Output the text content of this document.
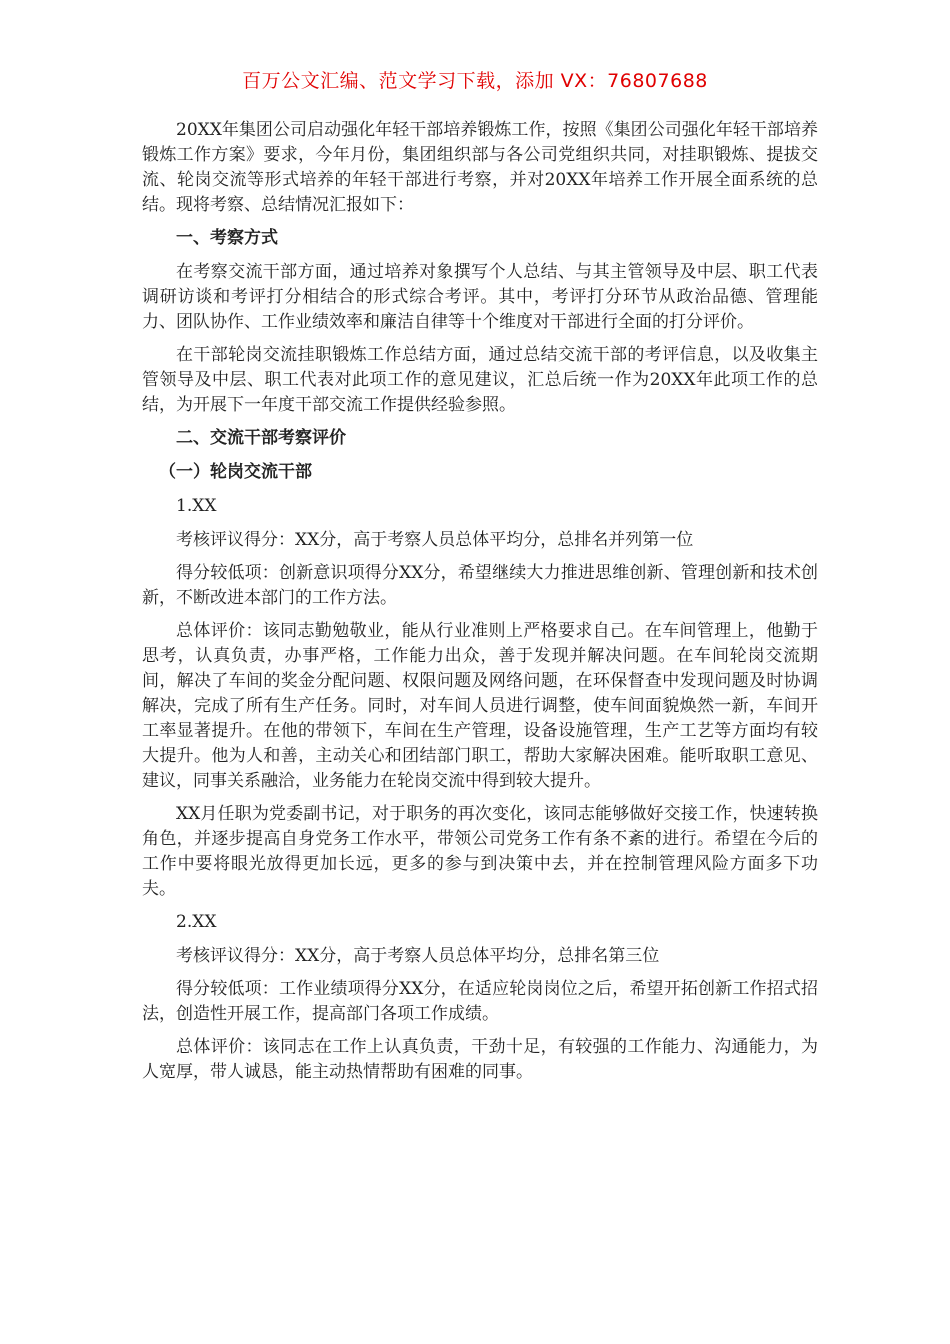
百万公文汇编、范文学习下载，添加 VX：76807688

20XX年集团公司启动强化年轻干部培养锻炼工作，按照《集团公司强化年轻干部培养锻炼工作方案》要求，今年月份，集团组织部与各公司党组织共同，对挂职锻炼、提拔交流、轮岗交流等形式培养的年轻干部进行考察，并对20XX年培养工作开展全面系统的总结。现将考察、总结情况汇报如下：

一、考察方式

在考察交流干部方面，通过培养对象撰写个人总结、与其主管领导及中层、职工代表调研访谈和考评打分相结合的形式综合考评。其中，考评打分环节从政治品德、管理能力、团队协作、工作业绩效率和廉洁自律等十个维度对干部进行全面的打分评价。

在干部轮岗交流挂职锻炼工作总结方面，通过总结交流干部的考评信息，以及收集主管领导及中层、职工代表对此项工作的意见建议，汇总后统一作为20XX年此项工作的总结，为开展下一年度干部交流工作提供经验参照。

二、交流干部考察评价

（一）轮岗交流干部

1.XX

考核评议得分：XX分，高于考察人员总体平均分，总排名并列第一位

得分较低项：创新意识项得分XX分，希望继续大力推进思维创新、管理创新和技术创新，不断改进本部门的工作方法。

总体评价：该同志勤勉敬业，能从行业准则上严格要求自己。在车间管理上，他勤于思考，认真负责，办事严格，工作能力出众，善于发现并解决问题。在车间轮岗交流期间，解决了车间的奖金分配问题、权限问题及网络问题，在环保督查中发现问题及时协调解决，完成了所有生产任务。同时，对车间人员进行调整，使车间面貌焕然一新，车间开工率显著提升。在他的带领下，车间在生产管理，设备设施管理，生产工艺等方面均有较大提升。他为人和善，主动关心和团结部门职工，帮助大家解决困难。能听取职工意见、建议，同事关系融洽，业务能力在轮岗交流中得到较大提升。

XX月任职为党委副书记，对于职务的再次变化，该同志能够做好交接工作，快速转换角色，并逐步提高自身党务工作水平，带领公司党务工作有条不紊的进行。希望在今后的工作中要将眼光放得更加长远，更多的参与到决策中去，并在控制管理风险方面多下功夫。

2.XX

考核评议得分：XX分，高于考察人员总体平均分，总排名第三位

得分较低项：工作业绩项得分XX分，在适应轮岗岗位之后，希望开拓创新工作招式招法，创造性开展工作，提高部门各项工作成绩。

总体评价：该同志在工作上认真负责，干劲十足，有较强的工作能力、沟通能力，为人宽厚，带人诚恳，能主动热情帮助有困难的同事。
